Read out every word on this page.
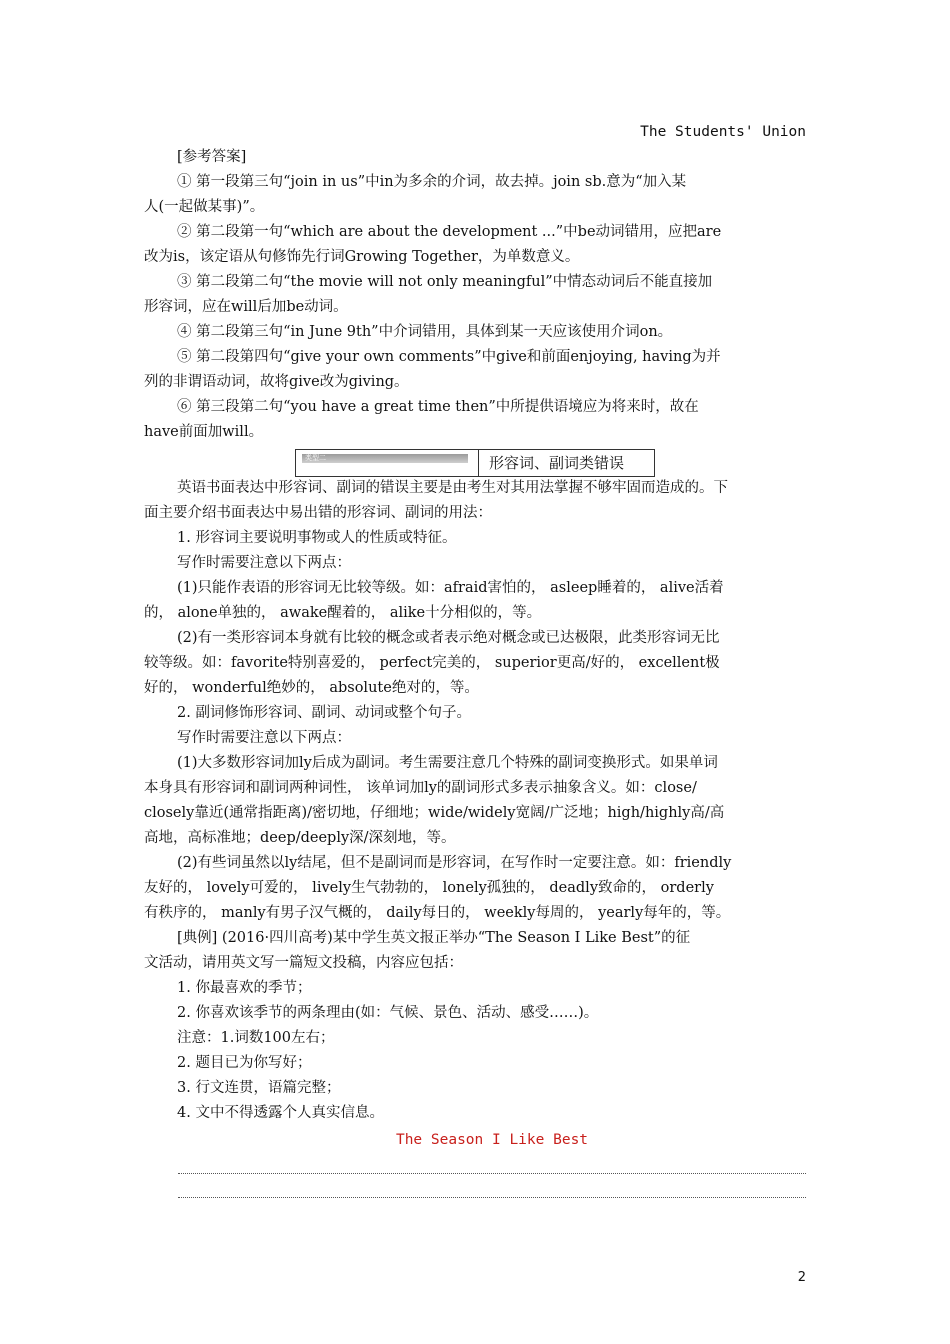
The Students' Union
[参考答案]
① 第一段第三句“join in us”中in为多余的介词，故去掉。join sb.意为“加入某
人(一起做某事)”。
② 第二段第一句“which are about the development ...”中be动词错用，应把are
改为is，该定语从句修饰先行词Growing Together，为单数意义。
③ 第二段第二句“the movie will not only meaningful”中情态动词后不能直接加
形容词，应在will后加be动词。
④ 第二段第三句“in June 9th”中介词错用，具体到某一天应该使用介词on。
⑤ 第二段第四句“give your own comments”中give和前面enjoying, having为并
列的非谓语动词，故将give改为giving。
⑥ 第三段第二句“you have a great time then”中所提供语境应为将来时，故在
have前面加will。
类型二	形容词、副词类错误
英语书面表达中形容词、副词的错误主要是由考生对其用法掌握不够牢固而造成的。下
面主要介绍书面表达中易出错的形容词、副词的用法：
1. 形容词主要说明事物或人的性质或特征。
写作时需要注意以下两点：
(1)只能作表语的形容词无比较等级。如：afraid害怕的， asleep睡着的， alive活着
的， alone单独的， awake醒着的， alike十分相似的，等。
(2)有一类形容词本身就有比较的概念或者表示绝对概念或已达极限，此类形容词无比
较等级。如：favorite特别喜爱的， perfect完美的， superior更高/好的， excellent极
好的， wonderful绝妙的， absolute绝对的，等。
2. 副词修饰形容词、副词、动词或整个句子。
写作时需要注意以下两点：
(1)大多数形容词加ly后成为副词。考生需要注意几个特殊的副词变换形式。如果单词
本身具有形容词和副词两种词性， 该单词加ly的副词形式多表示抽象含义。如：close/
closely靠近(通常指距离)/密切地，仔细地；wide/widely宽阔/广泛地；high/highly高/高
高地，高标准地；deep/deeply深/深刻地，等。
(2)有些词虽然以ly结尾，但不是副词而是形容词，在写作时一定要注意。如：friendly
友好的， lovely可爱的， lively生气勃勃的， lonely孤独的， deadly致命的， orderly
有秩序的， manly有男子汉气概的， daily每日的， weekly每周的， yearly每年的，等。
[典例] (2016·四川高考)某中学生英文报正举办“The Season I Like Best”的征
文活动，请用英文写一篇短文投稿，内容应包括：
1. 你最喜欢的季节；
2. 你喜欢该季节的两条理由(如：气候、景色、活动、感受……)。
注意：1.词数100左右；
2. 题目已为你写好；
3. 行文连贯，语篇完整；
4. 文中不得透露个人真实信息。
The Season I Like Best
2
